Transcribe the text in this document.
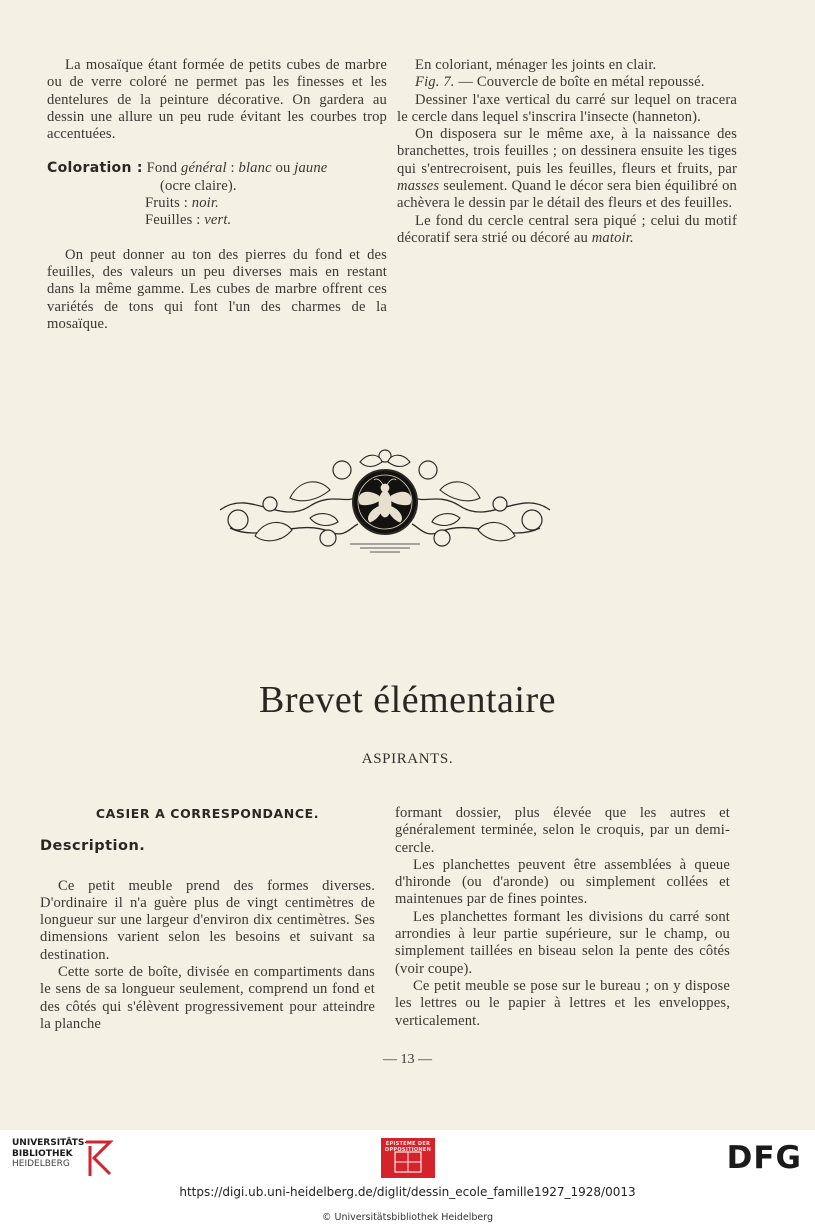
La mosaïque étant formée de petits cubes de marbre ou de verre coloré ne permet pas les finesses et les dentelures de la peinture décorative. On gardera au dessin une allure un peu rude évitant les courbes trop accentuées.

Coloration : Fond général : blanc ou jaune

(ocre claire).

Fruits : noir.

Feuilles : vert.

On peut donner au ton des pierres du fond et des feuilles, des valeurs un peu diverses mais en restant dans la même gamme. Les cubes de marbre offrent ces variétés de tons qui font l'un des charmes de la mosaïque.

En coloriant, ménager les joints en clair.

Fig. 7. — Couvercle de boîte en métal repoussé.

Dessiner l'axe vertical du carré sur lequel on tracera le cercle dans lequel s'inscrira l'insecte (hanneton).

On disposera sur le même axe, à la naissance des branchettes, trois feuilles ; on dessinera ensuite les tiges qui s'entrecroisent, puis les feuilles, fleurs et fruits, par masses seulement. Quand le décor sera bien équilibré on achèvera le dessin par le détail des fleurs et des feuilles.

Le fond du cercle central sera piqué ; celui du motif décoratif sera strié ou décoré au matoir.

Brevet élémentaire
ASPIRANTS.
CASIER A CORRESPONDANCE.
Description.

Ce petit meuble prend des formes diverses. D'ordinaire il n'a guère plus de vingt centimètres de longueur sur une largeur d'environ dix centimètres. Ses dimensions varient selon les besoins et suivant sa destination.

Cette sorte de boîte, divisée en compartiments dans le sens de sa longueur seulement, comprend un fond et des côtés qui s'élèvent progressivement pour atteindre la planche

formant dossier, plus élevée que les autres et généralement terminée, selon le croquis, par un demi-cercle.

Les planchettes peuvent être assemblées à queue d'hironde (ou d'aronde) ou simplement collées et maintenues par de fines pointes.

Les planchettes formant les divisions du carré sont arrondies à leur partie supérieure, sur le champ, ou simplement taillées en biseau selon la pente des côtés (voir coupe).

Ce petit meuble se pose sur le bureau ; on y dispose les lettres ou le papier à lettres et les enveloppes, verticalement.

— 13 —
UNIVERSITÄTS-
BIBLIOTHEK
HEIDELBERG
EPISTEME DER OPPOSITIONEN	DFG
https://digi.ub.uni-heidelberg.de/diglit/dessin_ecole_famille1927_1928/0013
© Universitätsbibliothek Heidelberg
